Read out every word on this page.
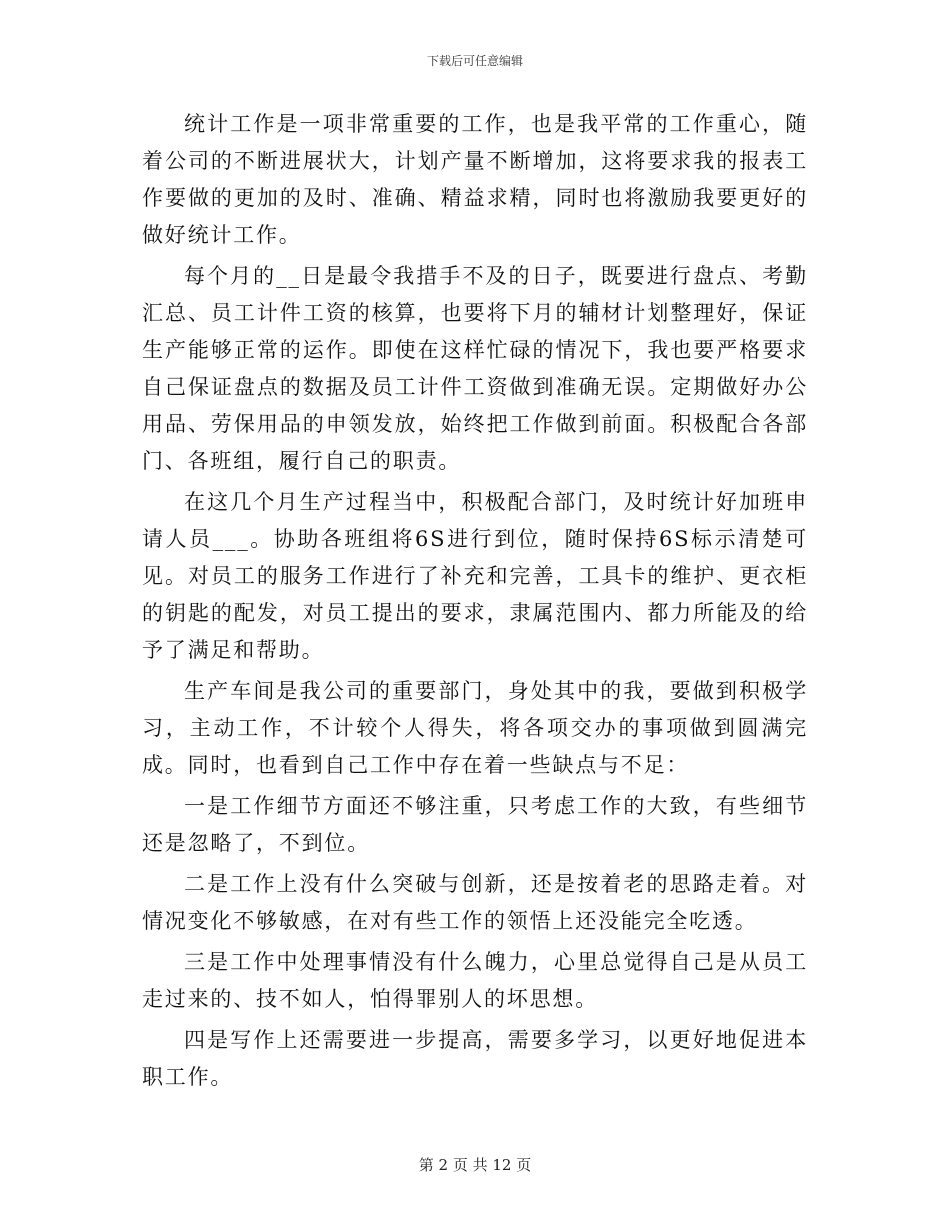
下载后可任意编辑

统计工作是一项非常重要的工作，也是我平常的工作重心，随着公司的不断进展状大，计划产量不断增加，这将要求我的报表工作要做的更加的及时、准确、精益求精，同时也将激励我要更好的做好统计工作。

每个月的__日是最令我措手不及的日子，既要进行盘点、考勤汇总、员工计件工资的核算，也要将下月的辅材计划整理好，保证生产能够正常的运作。即使在这样忙碌的情况下，我也要严格要求自己保证盘点的数据及员工计件工资做到准确无误。定期做好办公用品、劳保用品的申领发放，始终把工作做到前面。积极配合各部门、各班组，履行自己的职责。

在这几个月生产过程当中，积极配合部门，及时统计好加班申请人员___。协助各班组将6S进行到位，随时保持6S标示清楚可见。对员工的服务工作进行了补充和完善，工具卡的维护、更衣柜的钥匙的配发，对员工提出的要求，隶属范围内、都力所能及的给予了满足和帮助。

生产车间是我公司的重要部门，身处其中的我，要做到积极学习，主动工作，不计较个人得失，将各项交办的事项做到圆满完成。同时，也看到自己工作中存在着一些缺点与不足：

一是工作细节方面还不够注重，只考虑工作的大致，有些细节还是忽略了，不到位。

二是工作上没有什么突破与创新，还是按着老的思路走着。对情况变化不够敏感，在对有些工作的领悟上还没能完全吃透。

三是工作中处理事情没有什么魄力，心里总觉得自己是从员工走过来的、技不如人，怕得罪别人的坏思想。

四是写作上还需要进一步提高，需要多学习，以更好地促进本职工作。

第 2 页 共 12 页
